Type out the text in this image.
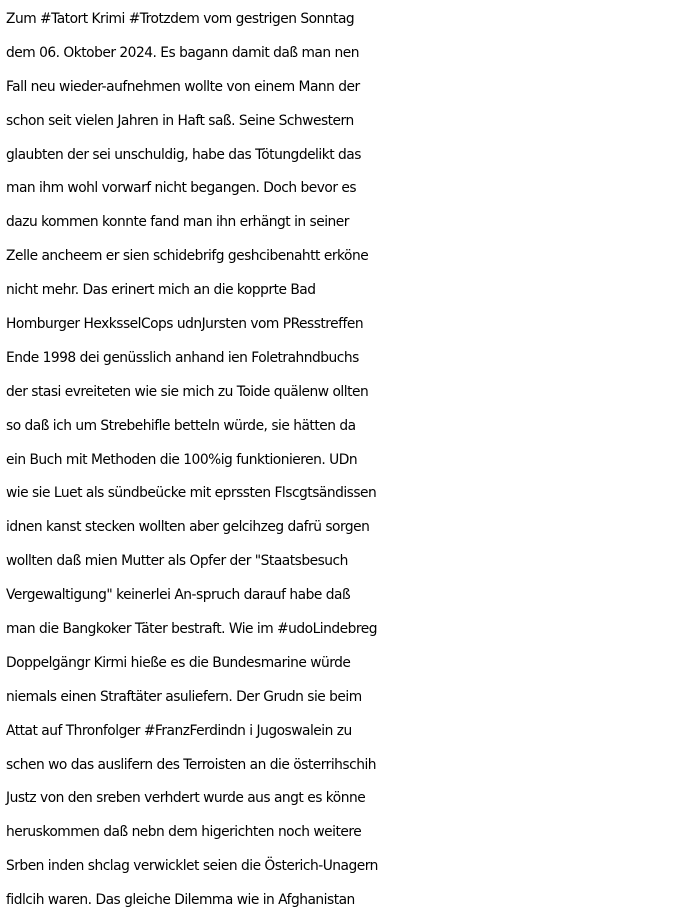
Zum #Tatort Krimi #Trotzdem vom gestrigen Sonntag
dem 06. Oktober 2024. Es bagann damit daß man nen
Fall neu wieder-aufnehmen wollte von einem Mann der
schon seit vielen Jahren in Haft saß. Seine Schwestern
glaubten der sei unschuldig, habe das Tötungdelikt das
man ihm wohl vorwarf nicht begangen. Doch bevor es
dazu kommen konnte fand man ihn erhängt in seiner
Zelle ancheem er sien schidebrifg geshcibenahtt erköne
nicht mehr. Das erinert mich an die kopprte Bad
Homburger HexksselCops udnJursten vom PResstreffen
Ende 1998 dei genüsslich anhand ien Foletrahndbuchs
der stasi evreiteten wie sie mich zu Toide quälenw ollten
so daß ich um Strebehifle betteln würde, sie hätten da
ein Buch mit Methoden die 100%ig funktionieren. UDn
wie sie Luet als sündbeücke mit eprssten Flscgtsändissen
idnen kanst stecken wollten aber gelcihzeg dafrü sorgen
wollten daß mien Mutter als Opfer der "Staatsbesuch
Vergewaltigung" keinerlei An-spruch darauf habe daß
man die Bangkoker Täter bestraft. Wie im #udoLindebreg
Doppelgängr Kirmi hieße es die Bundesmarine würde
niemals einen Straftäter asuliefern. Der Grudn sie beim
Attat auf Thronfolger #FranzFerdindn i Jugoswalein zu
schen wo das auslifern des Terroisten an die österrihschih
Justz von den sreben verhdert wurde aus angt es könne
heruskommen daß nebn dem higerichten noch weitere
Srben inden shclag verwicklet seien die Österich-Unagern
fidlcih waren. Das gleiche Dilemma wie in Afghanistan
